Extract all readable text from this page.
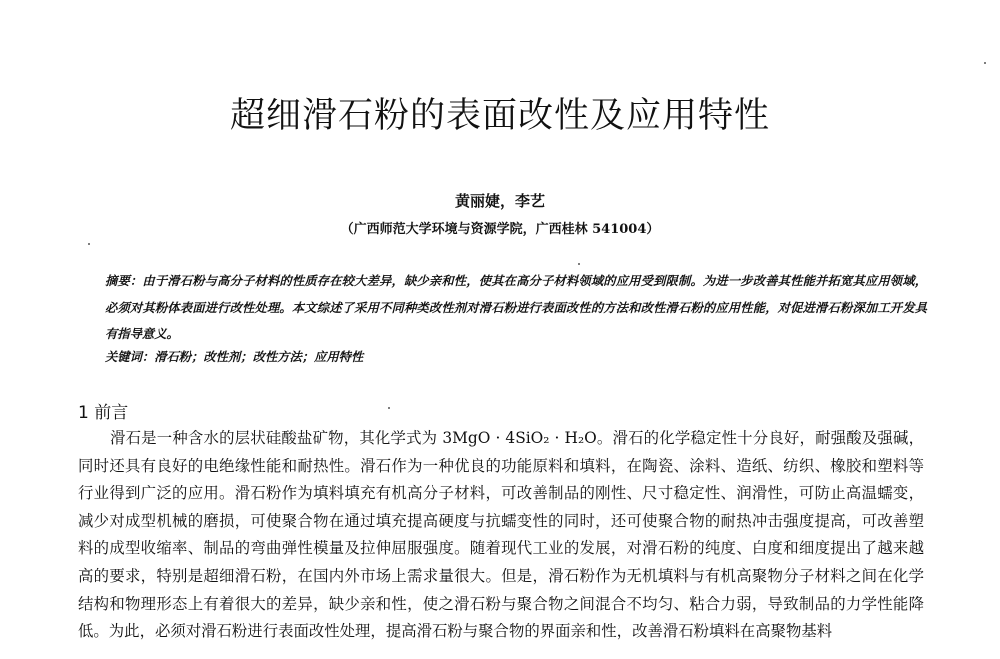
超细滑石粉的表面改性及应用特性
黄丽婕，李艺
（广西师范大学环境与资源学院，广西桂林 541004）
摘要：由于滑石粉与高分子材料的性质存在较大差异，缺少亲和性，使其在高分子材料领域的应用受到限制。为进一步改善其性能并拓宽其应用领域，必须对其粉体表面进行改性处理。本文综述了采用不同种类改性剂对滑石粉进行表面改性的方法和改性滑石粉的应用性能，对促进滑石粉深加工开发具有指导意义。
关键词：滑石粉；改性剂；改性方法；应用特性
1 前言
滑石是一种含水的层状硅酸盐矿物，其化学式为 3MgO · 4SiO₂ · H₂O。滑石的化学稳定性十分良好，耐强酸及强碱，同时还具有良好的电绝缘性能和耐热性。滑石作为一种优良的功能原料和填料，在陶瓷、涂料、造纸、纺织、橡胶和塑料等行业得到广泛的应用。滑石粉作为填料填充有机高分子材料，可改善制品的刚性、尺寸稳定性、润滑性，可防止高温蠕变，减少对成型机械的磨损，可使聚合物在通过填充提高硬度与抗蠕变性的同时，还可使聚合物的耐热冲击强度提高，可改善塑料的成型收缩率、制品的弯曲弹性模量及拉伸屈服强度。随着现代工业的发展，对滑石粉的纯度、白度和细度提出了越来越高的要求，特别是超细滑石粉，在国内外市场上需求量很大。但是，滑石粉作为无机填料与有机高聚物分子材料之间在化学结构和物理形态上有着很大的差异，缺少亲和性，使之滑石粉与聚合物之间混合不均匀、粘合力弱，导致制品的力学性能降低。为此，必须对滑石粉进行表面改性处理，提高滑石粉与聚合物的界面亲和性，改善滑石粉填料在高聚物基料
